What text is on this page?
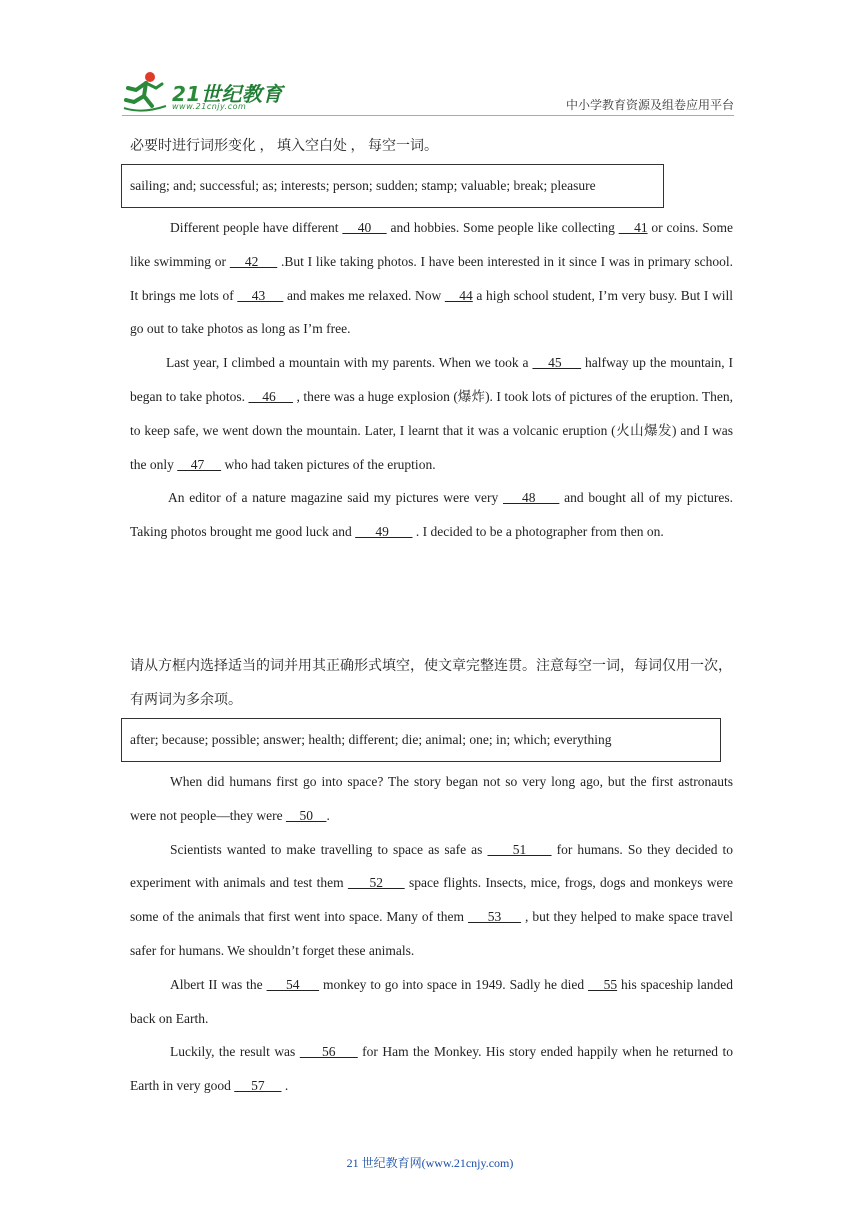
21世纪教育
www.21cnjy.com	中小学教育资源及组卷应用平台

必要时进行词形变化 ， 填入空白处 ， 每空一词。

sailing; and; successful; as; interests; person; sudden; stamp; valuable; break; pleasure

Different people have different     40     and hobbies. Some people like collecting     41 or coins. Some like swimming or     42      .But I like taking photos. I have been interested in it since I was in primary school. It brings me lots of     43      and makes me relaxed. Now     44 a high school student, I’m very busy. But I will go out to take photos as long as I’m free.

Last year, I climbed a mountain with my parents. When we took a     45      halfway up the mountain, I began to take photos.     46      , there was a huge explosion (爆炸). I took lots of pictures of the eruption. Then, to keep safe, we went down the mountain. Later, I learnt that it was a volcanic eruption (火山爆发) and I was the only     47      who had taken pictures of the eruption.

An editor of a nature magazine said my pictures were very     48      and bought all of my pictures. Taking photos brought me good luck and       49        . I decided to be a photographer from then on.

请从方框内选择适当的词并用其正确形式填空，使文章完整连贯。注意每空一词，每词仅用一次，有两词为多余项。

after; because; possible; answer; health; different; die; animal; one; in; which; everything

When did humans first go into space? The story began not so very long ago, but the first astronauts were not people—they were     50    .

Scientists wanted to make travelling to space as safe as      51      for humans. So they decided to experiment with animals and test them      52      space flights. Insects, mice, frogs, dogs and monkeys were some of the animals that first went into space. Many of them      53      , but they helped to make space travel safer for humans. We shouldn’t forget these animals.

Albert II was the      54      monkey to go into space in 1949. Sadly he died     55 his spaceship landed back on Earth.

Luckily, the result was      56      for Ham the Monkey. His story ended happily when he returned to Earth in very good      57      .

21 世纪教育网(www.21cnjy.com)
